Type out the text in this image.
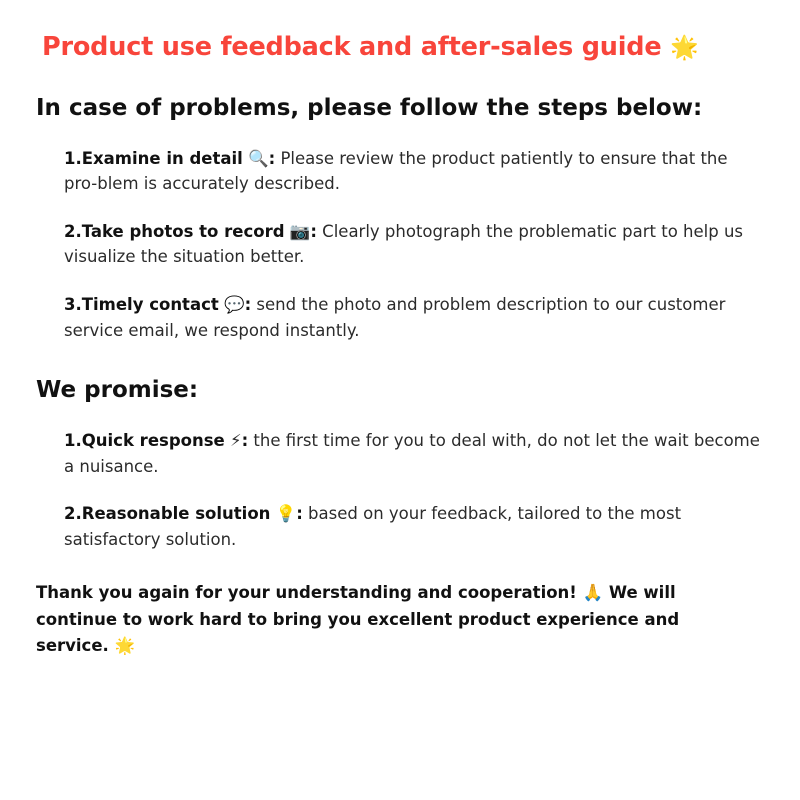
Product use feedback and after-sales guide 🌟
In case of problems, please follow the steps below:

1.Examine in detail 🔍: Please review the product patiently to ensure that the pro-blem is accurately described.

2.Take photos to record 📷: Clearly photograph the problematic part to help us visualize the situation better.

3.Timely contact 💬: send the photo and problem description to our customer service email, we respond instantly.

We promise:

1.Quick response ⚡: the first time for you to deal with, do not let the wait become a nuisance.

2.Reasonable solution 💡: based on your feedback, tailored to the most satisfactory solution.

Thank you again for your understanding and cooperation! 🙏 We will continue to work hard to bring you excellent product experience and service. 🌟
